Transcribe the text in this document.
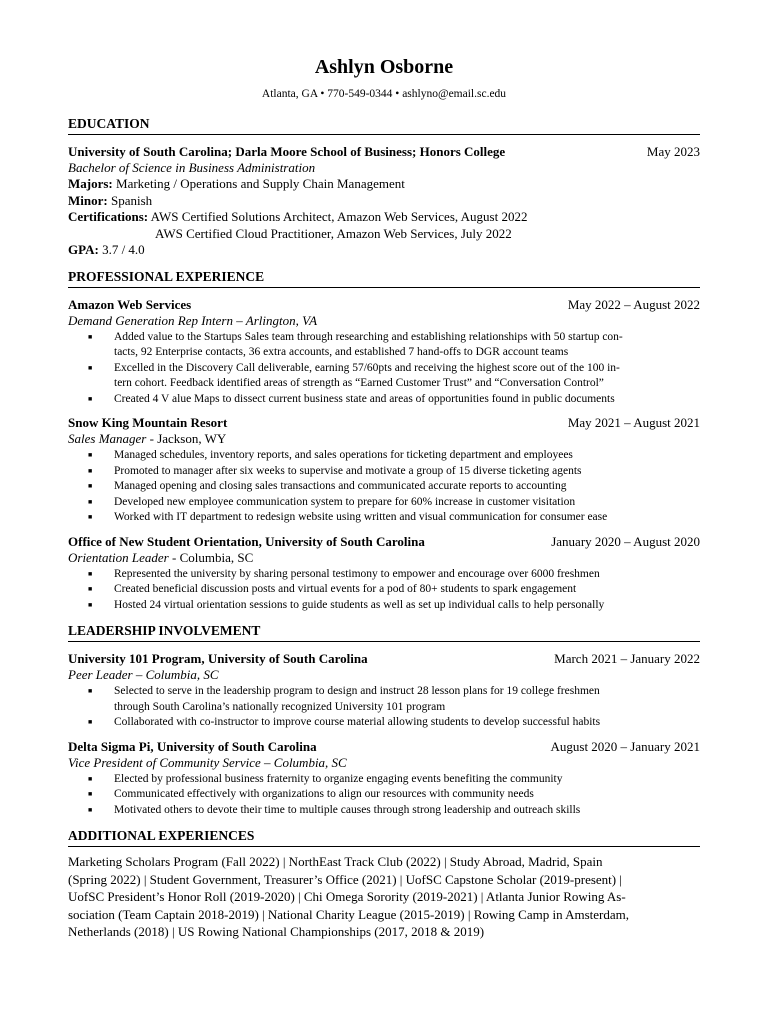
Ashlyn Osborne
Atlanta, GA • 770-549-0344 • ashlyno@email.sc.edu
EDUCATION
University of South Carolina; Darla Moore School of Business; Honors College	May 2023
Bachelor of Science in Business Administration
Majors: Marketing / Operations and Supply Chain Management
Minor: Spanish
Certifications: AWS Certified Solutions Architect, Amazon Web Services, August 2022
AWS Certified Cloud Practitioner, Amazon Web Services, July 2022
GPA: 3.7 / 4.0
PROFESSIONAL EXPERIENCE
Amazon Web Services	May 2022 – August 2022
Demand Generation Rep Intern – Arlington, VA
■ Added value to the Startups Sales team through researching and establishing relationships with 50 startup con-
tacts, 92 Enterprise contacts, 36 extra accounts, and established 7 hand-offs to DGR account teams
■ Excelled in the Discovery Call deliverable, earning 57/60pts and receiving the highest score out of the 100 in-
tern cohort. Feedback identified areas of strength as “Earned Customer Trust” and “Conversation Control”
■ Created 4 V alue Maps to dissect current business state and areas of opportunities found in public documents
Snow King Mountain Resort	May 2021 – August 2021
Sales Manager - Jackson, WY
■ Managed schedules, inventory reports, and sales operations for ticketing department and employees
■ Promoted to manager after six weeks to supervise and motivate a group of 15 diverse ticketing agents
■ Managed opening and closing sales transactions and communicated accurate reports to accounting
■ Developed new employee communication system to prepare for 60% increase in customer visitation
■ Worked with IT department to redesign website using written and visual communication for consumer ease
Office of New Student Orientation, University of South Carolina	January 2020 – August 2020
Orientation Leader - Columbia, SC
■ Represented the university by sharing personal testimony to empower and encourage over 6000 freshmen
■ Created beneficial discussion posts and virtual events for a pod of 80+ students to spark engagement
■ Hosted 24 virtual orientation sessions to guide students as well as set up individual calls to help personally
LEADERSHIP INVOLVEMENT
University 101 Program, University of South Carolina	March 2021 – January 2022
Peer Leader – Columbia, SC
■ Selected to serve in the leadership program to design and instruct 28 lesson plans for 19 college freshmen
through South Carolina’s nationally recognized University 101 program
■ Collaborated with co-instructor to improve course material allowing students to develop successful habits
Delta Sigma Pi, University of South Carolina	August 2020 – January 2021
Vice President of Community Service – Columbia, SC
■ Elected by professional business fraternity to organize engaging events benefiting the community
■ Communicated effectively with organizations to align our resources with community needs
■ Motivated others to devote their time to multiple causes through strong leadership and outreach skills
ADDITIONAL EXPERIENCES
Marketing Scholars Program (Fall 2022) | NorthEast Track Club (2022) | Study Abroad, Madrid, Spain
(Spring 2022) | Student Government, Treasurer’s Office (2021) | UofSC Capstone Scholar (2019-present) |
UofSC President’s Honor Roll (2019-2020) | Chi Omega Sorority (2019-2021) | Atlanta Junior Rowing As-
sociation (Team Captain 2018-2019) | National Charity League (2015-2019) | Rowing Camp in Amsterdam,
Netherlands (2018) | US Rowing National Championships (2017, 2018 & 2019)
